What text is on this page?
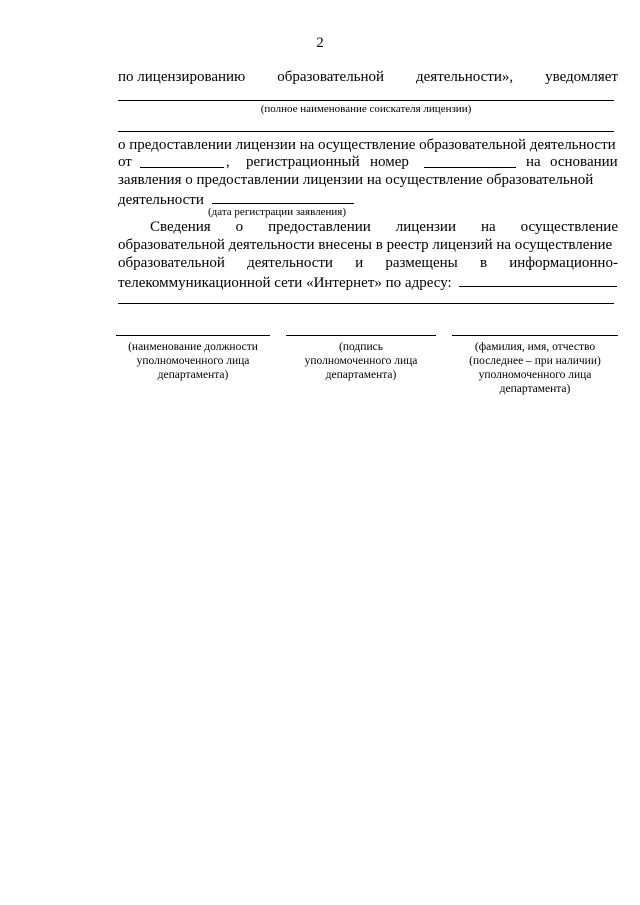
2
по лицензированию образовательной деятельности», уведомляет
(полное наименование соискателя лицензии)
о предоставлении лицензии на осуществление образовательной деятельности
от	, регистрационный номер	на основании
заявления о предоставлении лицензии на осуществление образовательной
деятельности
(дата регистрации заявления)
Сведения о предоставлении лицензии на осуществление
образовательной деятельности внесены в реестр лицензий на осуществление
образовательной деятельности и размещены в информационно-
телекоммуникационной сети «Интернет» по адресу:
(наименование должности
уполномоченного лица
департамента)
(подпись
уполномоченного лица
департамента)
(фамилия, имя, отчество
(последнее – при наличии)
уполномоченного лица
департамента)
